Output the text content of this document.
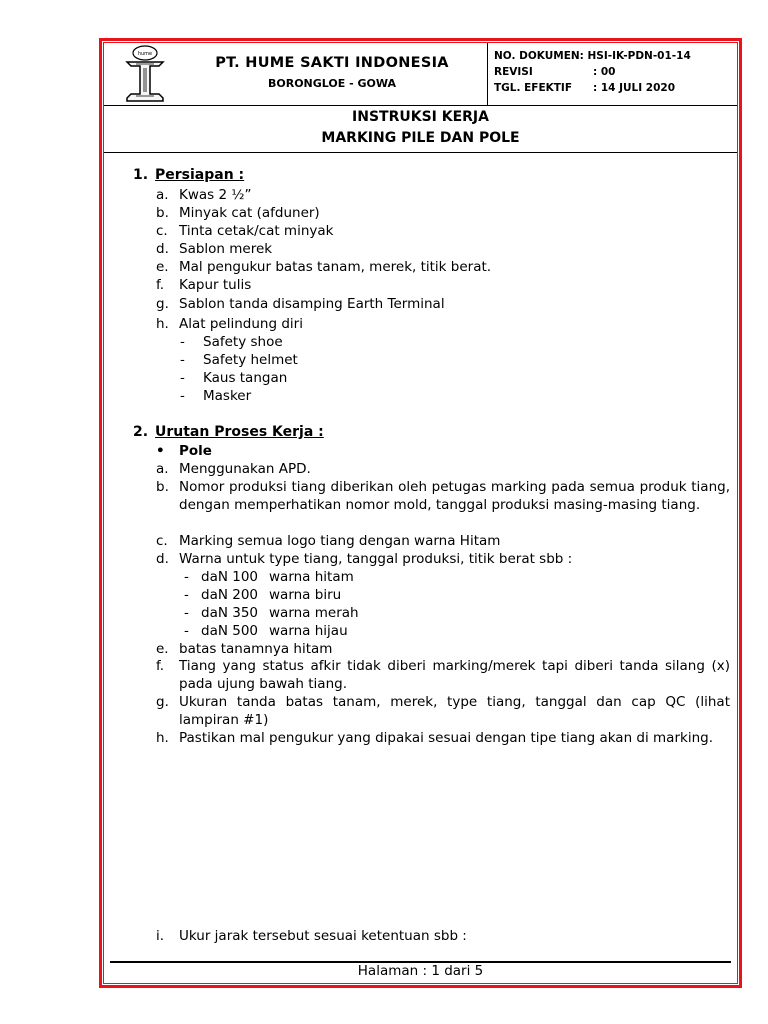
hume
PT. HUME SAKTI INDONESIA
BORONGLOE - GOWA
NO. DOKUMEN: HSI-IK-PDN-01-14
REVISI	: 00
TGL. EFEKTIF : 14 JULI 2020
INSTRUKSI KERJA
MARKING PILE DAN POLE
1. Persiapan :
a. Kwas 2 ½”
b. Minyak cat (afduner)
c. Tinta cetak/cat minyak
d. Sablon merek
e. Mal pengukur batas tanam, merek, titik berat.
f. Kapur tulis
g. Sablon tanda disamping Earth Terminal
h. Alat pelindung diri
- Safety shoe
- Safety helmet
- Kaus tangan
- Masker
2. Urutan Proses Kerja :
• Pole
a. Menggunakan APD.
b. Nomor produksi tiang diberikan oleh petugas marking pada semua produk tiang, dengan memperhatikan nomor mold, tanggal produksi masing-masing tiang.
c. Marking semua logo tiang dengan warna Hitam
d. Warna untuk type tiang, tanggal produksi, titik berat sbb :
- daN 100 warna hitam
- daN 200 warna biru
- daN 350 warna merah
- daN 500 warna hijau
e. batas tanamnya hitam
f. Tiang yang status afkir tidak diberi marking/merek tapi diberi tanda silang (x) pada ujung bawah tiang.
g. Ukuran tanda batas tanam, merek, type tiang, tanggal dan cap QC (lihat lampiran #1)
h. Pastikan mal pengukur yang dipakai sesuai dengan tipe tiang akan di marking.
i. Ukur jarak tersebut sesuai ketentuan sbb :
Halaman : 1 dari 5
